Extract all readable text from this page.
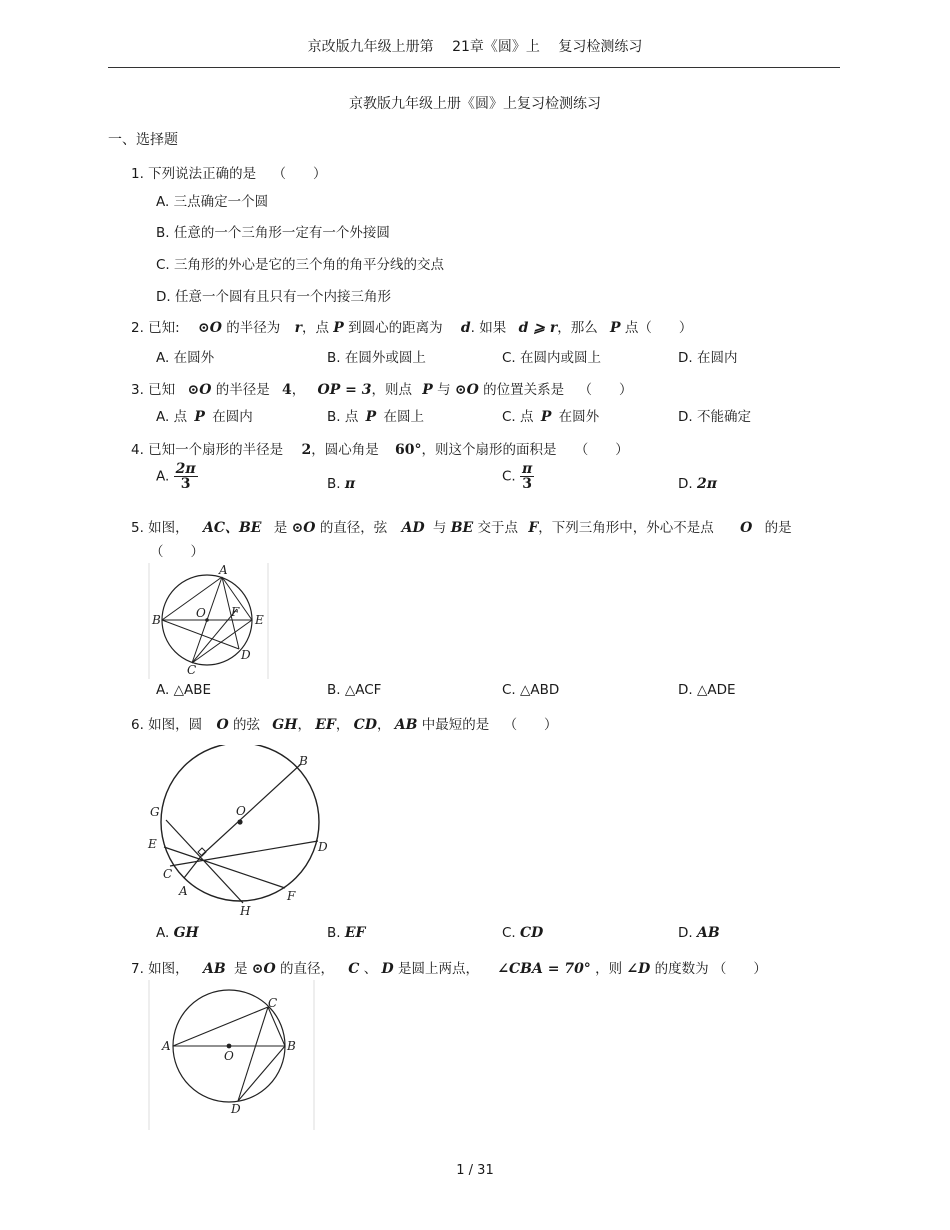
京改版九年级上册第　 21章《圆》上　 复习检测练习
京教版九年级上册《圆》上复习检测练习
一、选择题
1. 下列说法正确的是 （　　）
A. 三点确定一个圆
B. 任意的一个三角形一定有一个外接圆
C. 三角形的外心是它的三个角的角平分线的交点
D. 任意一个圆有且只有一个内接三角形
2. 已知: ⊙O 的半径为 r，点 P 到圆心的距离为 d. 如果 d ⩾ r，那么 P 点（　　）
A. 在圆外	B. 在圆外或圆上	C. 在圆内或圆上	D. 在圆内
3. 已知 ⊙O 的半径是 4， OP = 3，则点 P 与 ⊙O 的位置关系是 （　　）
A. 点 P 在圆内	B. 点 P 在圆上	C. 点 P 在圆外	D. 不能确定
4. 已知一个扇形的半径是 2，圆心角是 60°，则这个扇形的面积是 （　　）
A. $\frac{2\pi}{3}$	B. π	C. $\frac{\pi}{3}$	D. 2π
5. 如图， AC、BE 是 ⊙O 的直径，弦 AD 与 BE 交于点 F，下列三角形中，外心不是点 O 的是
（　　）
A
B
C
D
E
F
O
A. △ABE	B. △ACF	C. △ABD	D. △ADE
6. 如图，圆 O 的弦 GH， EF， CD， AB 中最短的是 （　　）
B
O
G
E	D
C
A	F
H
A. GH	B. EF	C. CD	D. AB
7. 如图， AB 是 ⊙O 的直径， C 、 D 是圆上两点， ∠CBA = 70° ，则 ∠D 的度数为 （　　）
A	B
C
D
O
1 / 31
